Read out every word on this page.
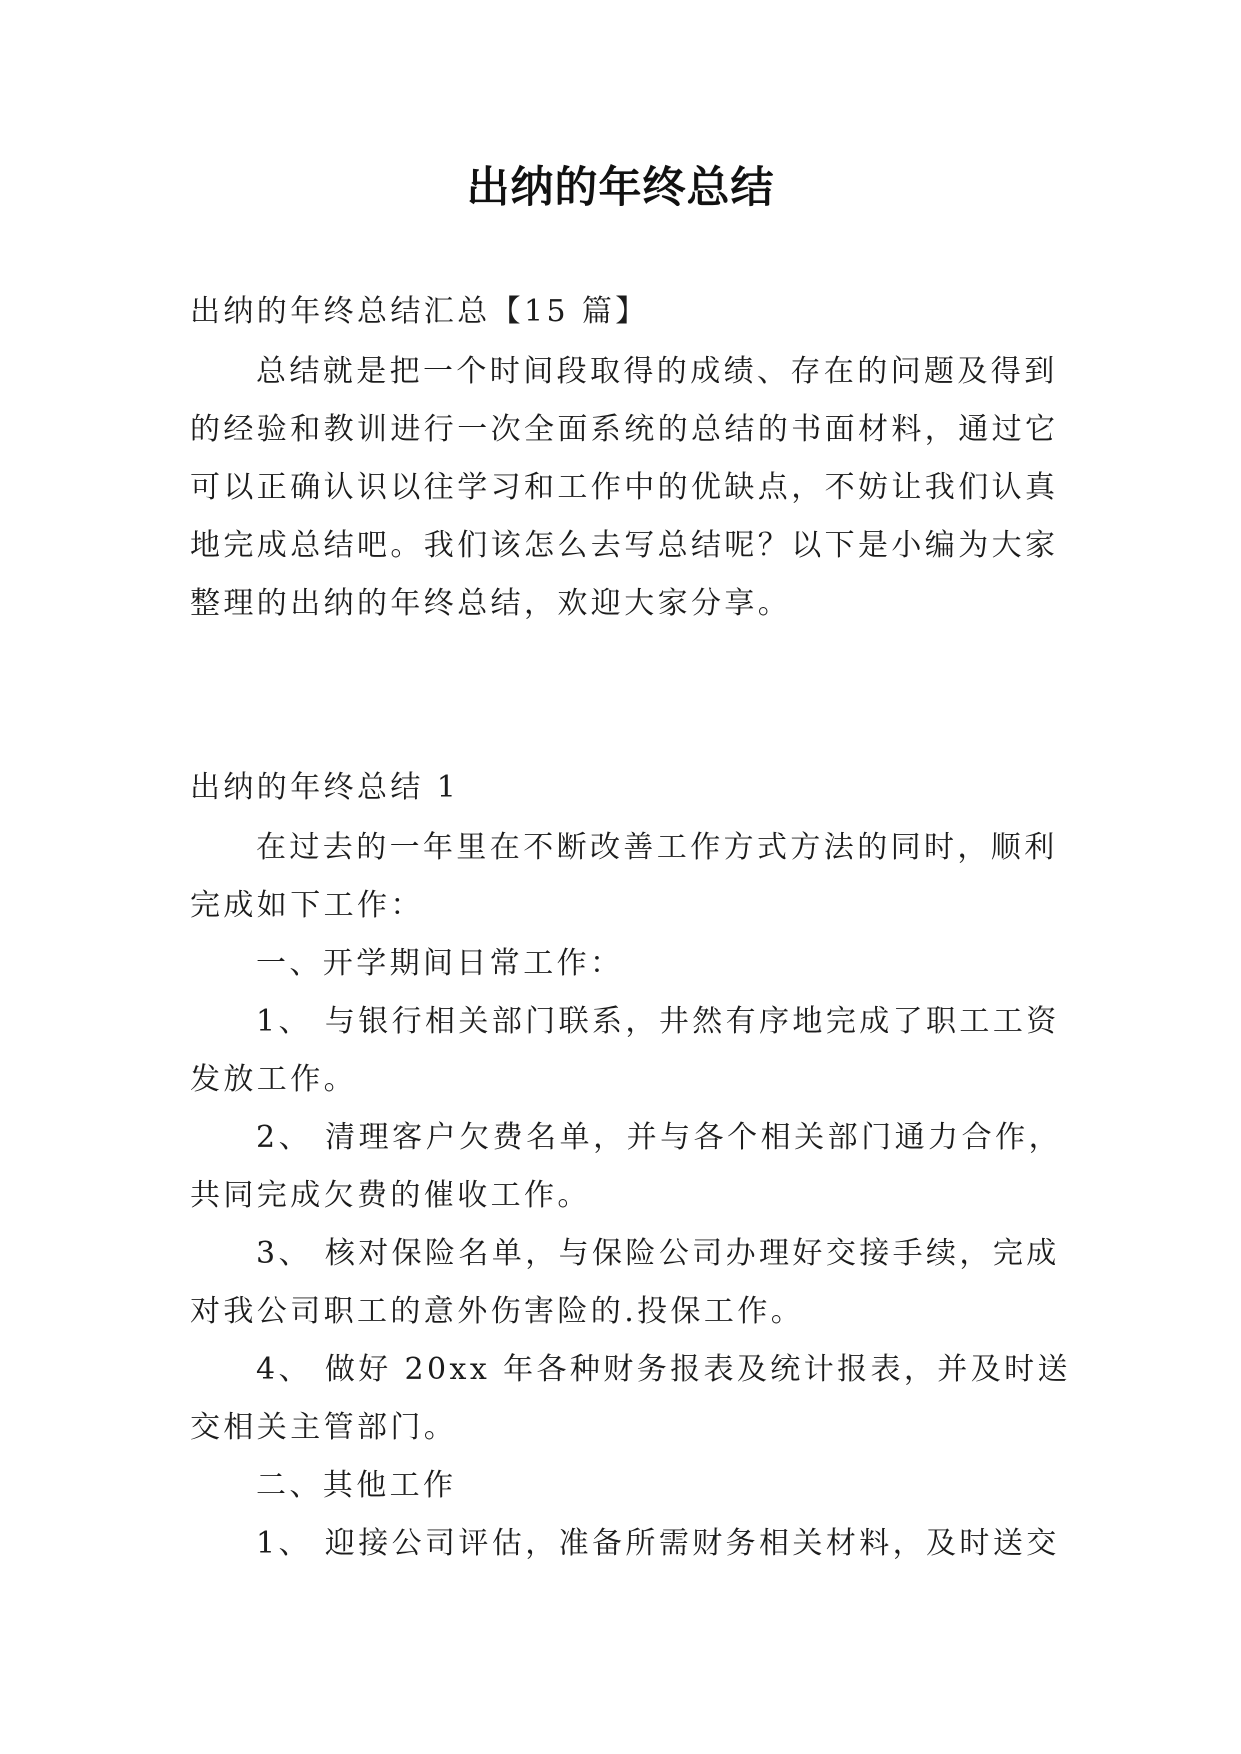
出纳的年终总结
出纳的年终总结汇总【15 篇】
总结就是把一个时间段取得的成绩、存在的问题及得到
的经验和教训进行一次全面系统的总结的书面材料，通过它
可以正确认识以往学习和工作中的优缺点，不妨让我们认真
地完成总结吧。我们该怎么去写总结呢？以下是小编为大家
整理的出纳的年终总结，欢迎大家分享。
出纳的年终总结 1
在过去的一年里在不断改善工作方式方法的同时，顺利
完成如下工作：
一、开学期间日常工作：
1、 与银行相关部门联系，井然有序地完成了职工工资
发放工作。
2、 清理客户欠费名单，并与各个相关部门通力合作，
共同完成欠费的催收工作。
3、 核对保险名单，与保险公司办理好交接手续，完成
对我公司职工的意外伤害险的.投保工作。
4、 做好 20xx 年各种财务报表及统计报表，并及时送
交相关主管部门。
二、其他工作
1、 迎接公司评估，准备所需财务相关材料，及时送交
